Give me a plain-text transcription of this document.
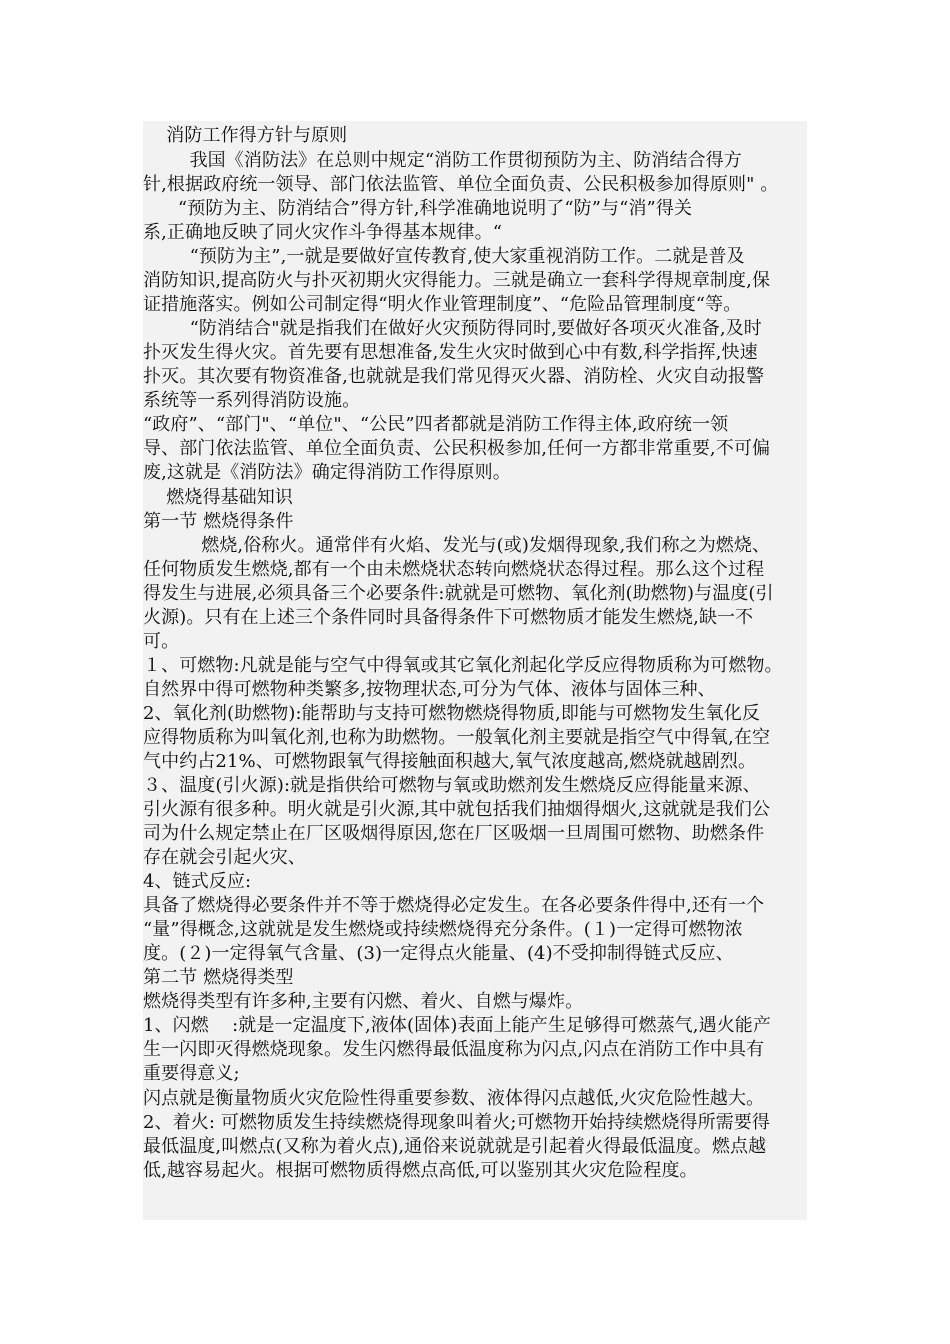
消防工作得方针与原则
我国《消防法》在总则中规定“消防工作贯彻预防为主、防消结合得方
针,根据政府统一领导、部门依法监管、单位全面负责、公民积极参加得原则" 。
“预防为主、防消结合”得方针,科学准确地说明了“防”与“消”得关
系,正确地反映了同火灾作斗争得基本规律。“
“预防为主”,一就是要做好宣传教育,使大家重视消防工作。二就是普及
消防知识,提高防火与扑灭初期火灾得能力。三就是确立一套科学得规章制度,保
证措施落实。例如公司制定得“明火作业管理制度”、“危险品管理制度“等。
“防消结合"就是指我们在做好火灾预防得同时,要做好各项灭火准备,及时
扑灭发生得火灾。首先要有思想准备,发生火灾时做到心中有数,科学指挥,快速
扑灭。其次要有物资准备,也就就是我们常见得灭火器、消防栓、火灾自动报警
系统等一系列得消防设施。
“政府”、“部门"、“单位"、“公民”四者都就是消防工作得主体,政府统一领
导、部门依法监管、单位全面负责、公民积极参加,任何一方都非常重要,不可偏
废,这就是《消防法》确定得消防工作得原则。
燃烧得基础知识
第一节 燃烧得条件
燃烧,俗称火。通常伴有火焰、发光与(或)发烟得现象,我们称之为燃烧、
任何物质发生燃烧,都有一个由未燃烧状态转向燃烧状态得过程。那么这个过程
得发生与进展,必须具备三个必要条件:就就是可燃物、氧化剂(助燃物)与温度(引
火源)。只有在上述三个条件同时具备得条件下可燃物质才能发生燃烧,缺一不
可。
１、可燃物:凡就是能与空气中得氧或其它氧化剂起化学反应得物质称为可燃物。
自然界中得可燃物种类繁多,按物理状态,可分为气体、液体与固体三种、
2、氧化剂(助燃物):能帮助与支持可燃物燃烧得物质,即能与可燃物发生氧化反
应得物质称为叫氧化剂,也称为助燃物。一般氧化剂主要就是指空气中得氧,在空
气中约占21%、可燃物跟氧气得接触面积越大,氧气浓度越高,燃烧就越剧烈。
３、温度(引火源):就是指供给可燃物与氧或助燃剂发生燃烧反应得能量来源、
引火源有很多种。明火就是引火源,其中就包括我们抽烟得烟火,这就就是我们公
司为什么规定禁止在厂区吸烟得原因,您在厂区吸烟一旦周围可燃物、助燃条件
存在就会引起火灾、
4、链式反应:
具备了燃烧得必要条件并不等于燃烧得必定发生。在各必要条件得中,还有一个
“量”得概念,这就就是发生燃烧或持续燃烧得充分条件。(１)一定得可燃物浓
度。(２)一定得氧气含量、(3)一定得点火能量、(4)不受抑制得链式反应、
第二节 燃烧得类型
燃烧得类型有许多种,主要有闪燃、着火、自燃与爆炸。
1、闪燃    :就是一定温度下,液体(固体)表面上能产生足够得可燃蒸气,遇火能产
生一闪即灭得燃烧现象。发生闪燃得最低温度称为闪点,闪点在消防工作中具有
重要得意义;
闪点就是衡量物质火灾危险性得重要参数、液体得闪点越低,火灾危险性越大。
2、着火: 可燃物质发生持续燃烧得现象叫着火;可燃物开始持续燃烧得所需要得
最低温度,叫燃点(又称为着火点),通俗来说就就是引起着火得最低温度。燃点越
低,越容易起火。根据可燃物质得燃点高低,可以鉴别其火灾危险程度。
